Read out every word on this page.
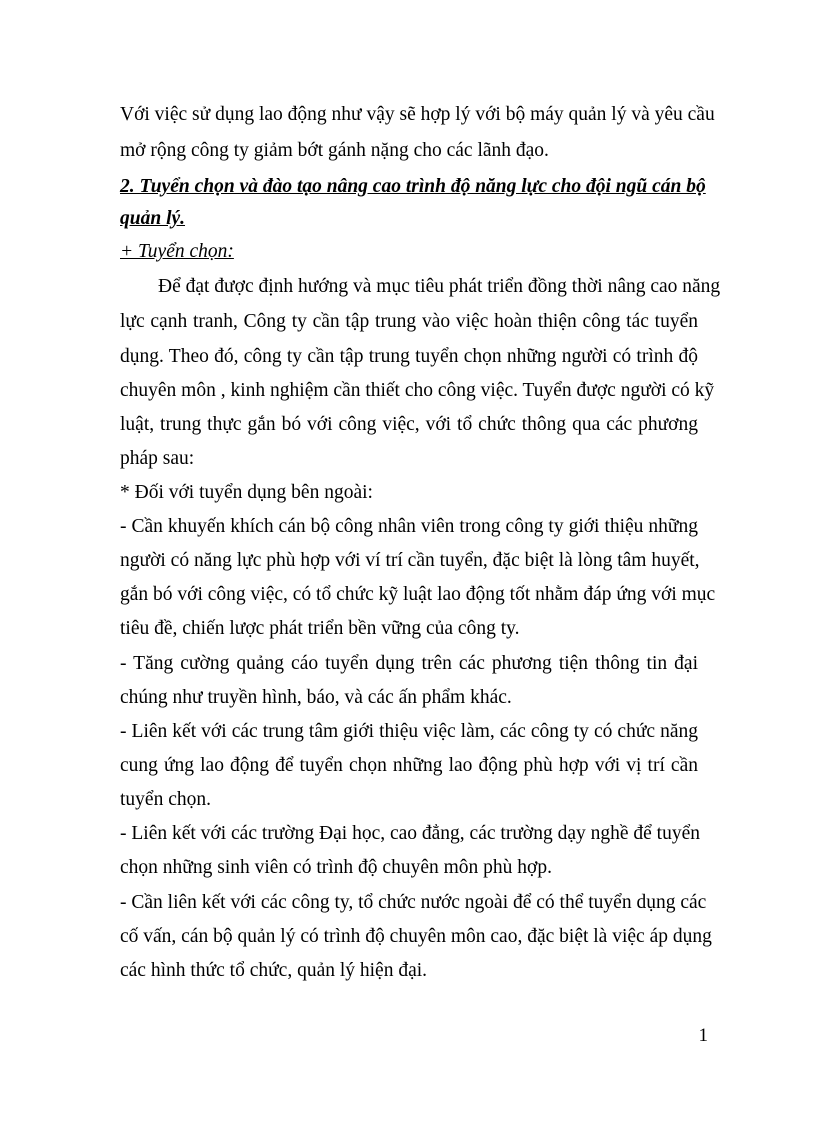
Với việc sử dụng lao động như vậy sẽ hợp lý với bộ máy quản lý và yêu cầu
mở rộng công ty giảm bớt gánh nặng cho các lãnh đạo.
2. Tuyển chọn và đào tạo nâng cao trình độ năng lực cho đội ngũ cán bộ
quản lý.
+ Tuyển chọn:
Để đạt được định hướng và mục tiêu phát triển đồng thời nâng cao năng
lực cạnh tranh, Công ty cần tập trung vào việc hoàn thiện công tác tuyển
dụng. Theo đó, công ty cần tập trung tuyển chọn những người có trình độ
chuyên môn , kinh nghiệm cần thiết cho công việc. Tuyển được người có kỹ
luật, trung thực gắn bó với công việc, với tổ chức thông qua các phương
pháp sau:
* Đối với tuyển dụng bên ngoài:
- Cần khuyến khích cán bộ công nhân viên trong công ty giới thiệu những
người có năng lực phù hợp với ví trí cần tuyển, đặc biệt là lòng tâm huyết,
gắn bó với công việc, có tổ chức kỹ luật lao động tốt nhằm đáp ứng với mục
tiêu đề, chiến lược phát triển bền vững của công ty.
- Tăng cường quảng cáo tuyển dụng trên các phương tiện thông tin đại
chúng như truyền hình, báo, và các ấn phẩm khác.
- Liên kết với các trung tâm giới thiệu việc làm, các công ty có chức năng
cung ứng lao động để tuyển chọn những lao động phù hợp với vị trí cần
tuyển chọn.
- Liên kết với các trường Đại học, cao đẳng, các trường dạy nghề để tuyển
chọn những sinh viên có trình độ chuyên môn phù hợp.
- Cần liên kết với các công ty, tổ chức nước ngoài để có thể tuyển dụng các
cố vấn, cán bộ quản lý có trình độ chuyên môn cao, đặc biệt là việc áp dụng
các hình thức tổ chức, quản lý hiện đại.
1
